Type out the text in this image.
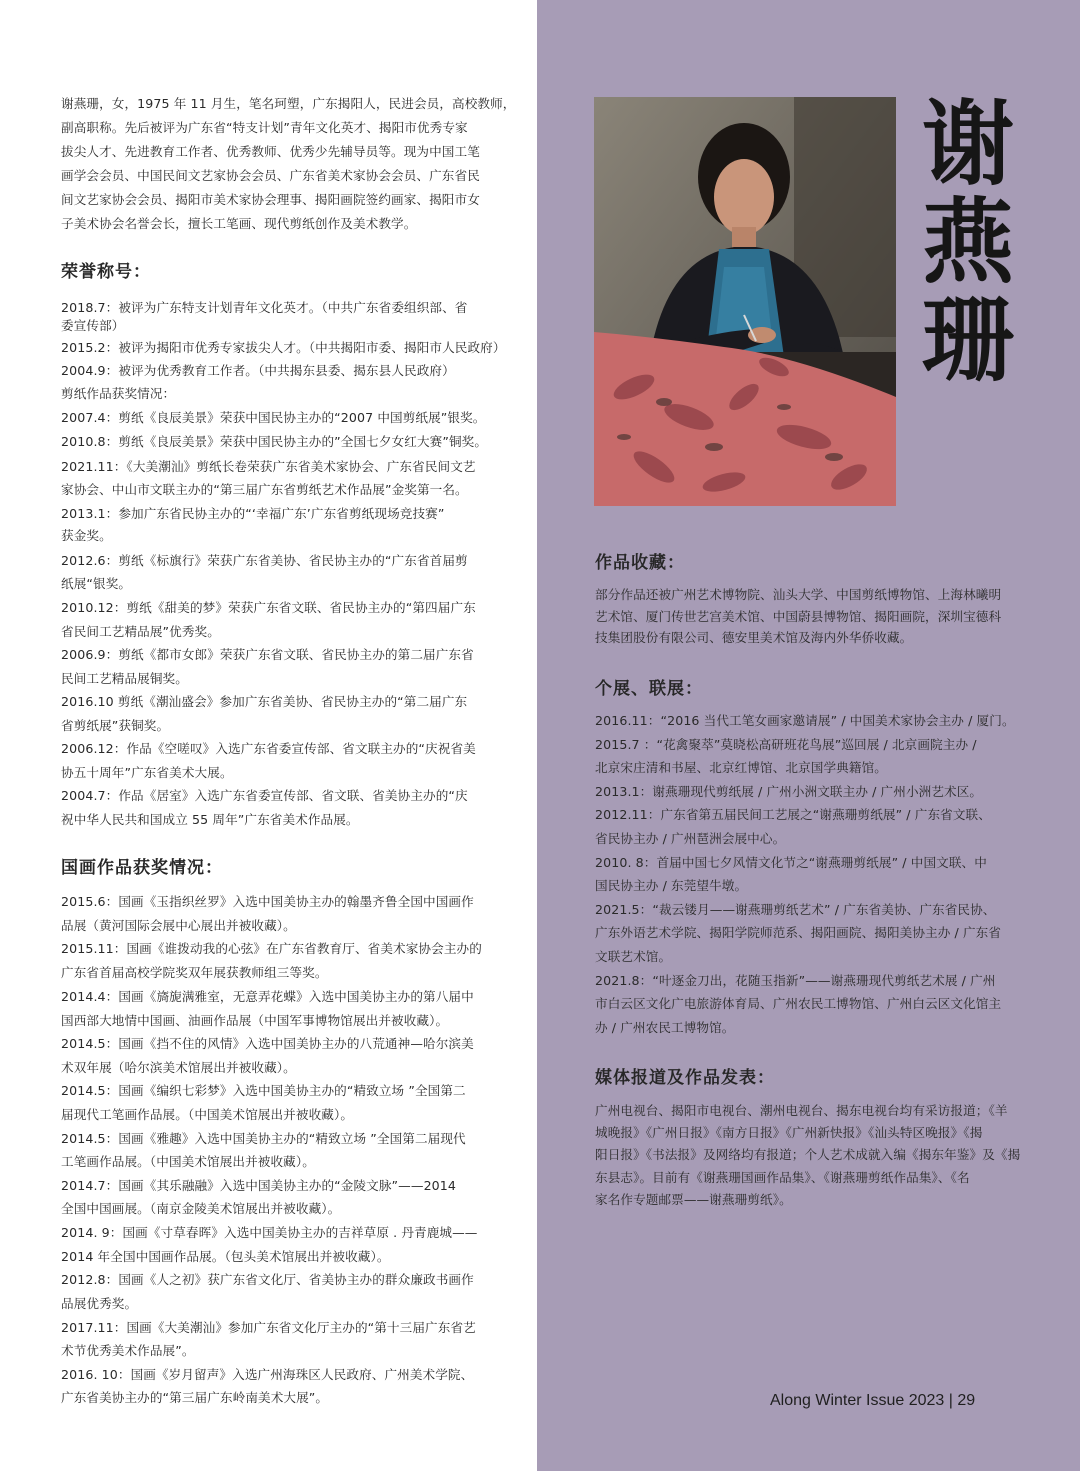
谢
燕
珊
谢燕珊，女，1975 年 11 月生，笔名珂塑，广东揭阳人，民进会员，高校教师，
副高职称。先后被评为广东省“特支计划”青年文化英才、揭阳市优秀专家
拔尖人才、先进教育工作者、优秀教师、优秀少先辅导员等。现为中国工笔
画学会会员、中国民间文艺家协会会员、广东省美术家协会会员、广东省民
间文艺家协会会员、揭阳市美术家协会理事、揭阳画院签约画家、揭阳市女
子美术协会名誉会长，擅长工笔画、现代剪纸创作及美术教学。
荣誉称号：
2018.7：被评为广东特支计划青年文化英才。（中共广东省委组织部、省
委宣传部）
2015.2：被评为揭阳市优秀专家拔尖人才。（中共揭阳市委、揭阳市人民政府）
2004.9：被评为优秀教育工作者。（中共揭东县委、揭东县人民政府）
剪纸作品获奖情况：
2007.4：剪纸《良辰美景》荣获中国民协主办的“2007 中国剪纸展”银奖。
2010.8：剪纸《良辰美景》荣获中国民协主办的”全国七夕女红大赛”铜奖。
2021.11：《大美潮汕》剪纸长卷荣获广东省美术家协会、广东省民间文艺
家协会、中山市文联主办的“第三届广东省剪纸艺术作品展”金奖第一名。
2013.1：参加广东省民协主办的“‘幸福广东’广东省剪纸现场竞技赛”
获金奖。
2012.6：剪纸《标旗行》荣获广东省美协、省民协主办的“广东省首届剪
纸展“银奖。
2010.12：剪纸《甜美的梦》荣获广东省文联、省民协主办的“第四届广东
省民间工艺精品展”优秀奖。
2006.9：剪纸《都市女郎》荣获广东省文联、省民协主办的第二届广东省
民间工艺精品展铜奖。
2016.10 剪纸《潮汕盛会》参加广东省美协、省民协主办的“第二届广东
省剪纸展”获铜奖。
2006.12：作品《空嗟叹》入选广东省委宣传部、省文联主办的“庆祝省美
协五十周年”广东省美术大展。
2004.7：作品《居室》入选广东省委宣传部、省文联、省美协主办的“庆
祝中华人民共和国成立 55 周年”广东省美术作品展。
国画作品获奖情况：
2015.6：国画《玉指织丝罗》入选中国美协主办的翰墨齐鲁全国中国画作
品展（黄河国际会展中心展出并被收藏）。
2015.11：国画《谁拨动我的心弦》在广东省教育厅、省美术家协会主办的
广东省首届高校学院奖双年展获教师组三等奖。
2014.4：国画《旖旎满雅室，无意弄花蝶》入选中国美协主办的第八届中
国西部大地情中国画、油画作品展（中国军事博物馆展出并被收藏）。
2014.5：国画《挡不住的风情》入选中国美协主办的八荒通神—哈尔滨美
术双年展（哈尔滨美术馆展出并被收藏）。
2014.5：国画《编织七彩梦》入选中国美协主办的“精致立场 ”全国第二
届现代工笔画作品展。（中国美术馆展出并被收藏）。
2014.5：国画《雅趣》入选中国美协主办的“精致立场 ”全国第二届现代
工笔画作品展。（中国美术馆展出并被收藏）。
2014.7：国画《其乐融融》入选中国美协主办的“金陵文脉”——2014
全国中国画展。（南京金陵美术馆展出并被收藏）。
2014. 9：国画《寸草春晖》入选中国美协主办的吉祥草原 . 丹青鹿城——
2014 年全国中国画作品展。（包头美术馆展出并被收藏）。
2012.8：国画《人之初》获广东省文化厅、省美协主办的群众廉政书画作
品展优秀奖。
2017.11：国画《大美潮汕》参加广东省文化厅主办的“第十三届广东省艺
术节优秀美术作品展”。
2016. 10：国画《岁月留声》入选广州海珠区人民政府、广州美术学院、
广东省美协主办的“第三届广东岭南美术大展”。
作品收藏：
部分作品还被广州艺术博物院、汕头大学、中国剪纸博物馆、上海林曦明
艺术馆、厦门传世艺宫美术馆、中国蔚县博物馆、揭阳画院，深圳宝德科
技集团股份有限公司、德安里美术馆及海内外华侨收藏。
个展、联展：
2016.11：“2016 当代工笔女画家邀请展” / 中国美术家协会主办 / 厦门。
2015.7 ：“花禽聚萃”莫晓松高研班花鸟展”巡回展 / 北京画院主办 /
北京宋庄清和书屋、北京红博馆、北京国学典籍馆。
2013.1：谢燕珊现代剪纸展 / 广州小洲文联主办 / 广州小洲艺术区。
2012.11：广东省第五届民间工艺展之“谢燕珊剪纸展” / 广东省文联、
省民协主办 / 广州琶洲会展中心。
2010. 8：首届中国七夕风情文化节之“谢燕珊剪纸展” / 中国文联、中
国民协主办 / 东莞望牛墩。
2021.5：“裁云镂月——谢燕珊剪纸艺术” / 广东省美协、广东省民协、
广东外语艺术学院、揭阳学院师范系、揭阳画院、揭阳美协主办 / 广东省
文联艺术馆。
2021.8：“叶逐金刀出，花随玉指新”——谢燕珊现代剪纸艺术展 / 广州
市白云区文化广电旅游体育局、广州农民工博物馆、广州白云区文化馆主
办 / 广州农民工博物馆。
媒体报道及作品发表：
广州电视台、揭阳市电视台、潮州电视台、揭东电视台均有采访报道；《羊
城晚报》《广州日报》《南方日报》《广州新快报》《汕头特区晚报》《揭
阳日报》《书法报》及网络均有报道；个人艺术成就入编《揭东年鉴》及《揭
东县志》。目前有《谢燕珊国画作品集》、《谢燕珊剪纸作品集》、《名
家名作专题邮票——谢燕珊剪纸》。
Along Winter Issue 2023 | 29
